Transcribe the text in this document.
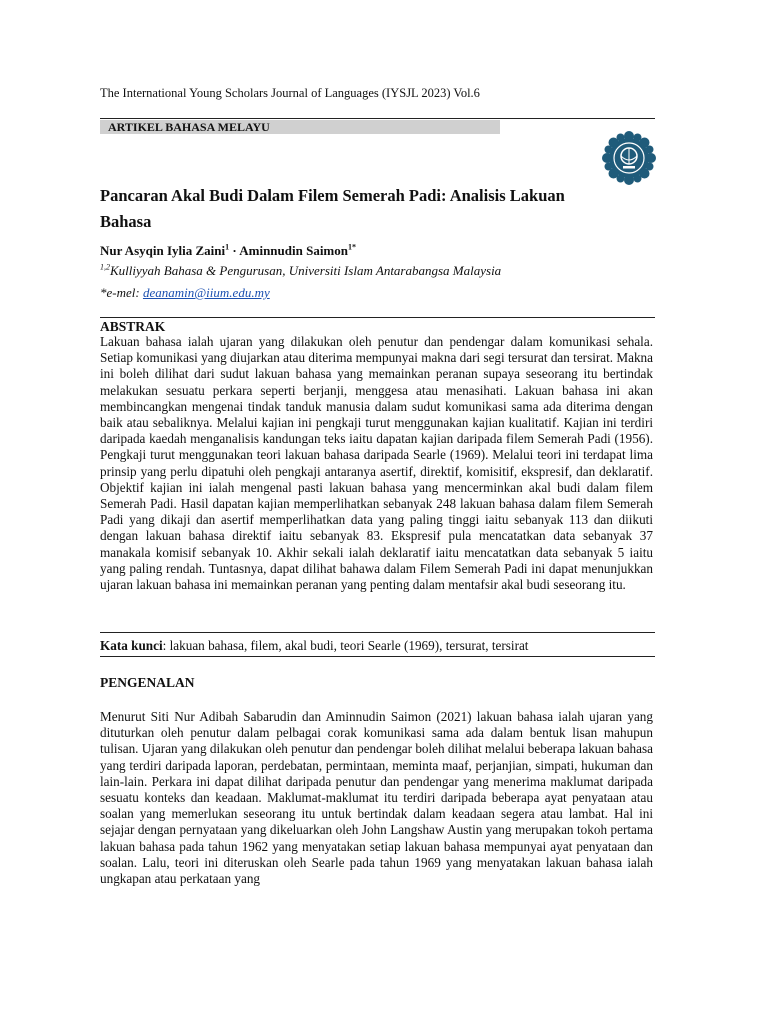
The International Young Scholars Journal of Languages (IYSJL 2023) Vol.6
ARTIKEL BAHASA MELAYU
Pancaran Akal Budi Dalam Filem Semerah Padi: Analisis Lakuan Bahasa
Nur Asyqin Iylia Zaini$^1$ · Aminnudin Saimon$^{1*}$
$^{1,2}$Kulliyyah Bahasa & Pengurusan, Universiti Islam Antarabangsa Malaysia
*e-mel: deanamin@iium.edu.my
ABSTRAK
Lakuan bahasa ialah ujaran yang dilakukan oleh penutur dan pendengar dalam komunikasi sehala. Setiap komunikasi yang diujarkan atau diterima mempunyai makna dari segi tersurat dan tersirat. Makna ini boleh dilihat dari sudut lakuan bahasa yang memainkan peranan supaya seseorang itu bertindak melakukan sesuatu perkara seperti berjanji, menggesa atau menasihati. Lakuan bahasa ini akan membincangkan mengenai tindak tanduk manusia dalam sudut komunikasi sama ada diterima dengan baik atau sebaliknya. Melalui kajian ini pengkaji turut menggunakan kajian kualitatif. Kajian ini terdiri daripada kaedah menganalisis kandungan teks iaitu dapatan kajian daripada filem Semerah Padi (1956). Pengkaji turut menggunakan teori lakuan bahasa daripada Searle (1969). Melalui teori ini terdapat lima prinsip yang perlu dipatuhi oleh pengkaji antaranya asertif, direktif, komisitif, ekspresif, dan deklaratif. Objektif kajian ini ialah mengenal pasti lakuan bahasa yang mencerminkan akal budi dalam filem Semerah Padi. Hasil dapatan kajian memperlihatkan sebanyak 248 lakuan bahasa dalam filem Semerah Padi yang dikaji dan asertif memperlihatkan data yang paling tinggi iaitu sebanyak 113 dan diikuti dengan lakuan bahasa direktif iaitu sebanyak 83. Ekspresif pula mencatatkan data sebanyak 37 manakala komisif sebanyak 10. Akhir sekali ialah deklaratif iaitu mencatatkan data sebanyak 5 iaitu yang paling rendah. Tuntasnya, dapat dilihat bahawa dalam Filem Semerah Padi ini dapat menunjukkan ujaran lakuan bahasa ini memainkan peranan yang penting dalam mentafsir akal budi seseorang itu.
Kata kunci: lakuan bahasa, filem, akal budi, teori Searle (1969), tersurat, tersirat
PENGENALAN
Menurut Siti Nur Adibah Sabarudin dan Aminnudin Saimon (2021) lakuan bahasa ialah ujaran yang dituturkan oleh penutur dalam pelbagai corak komunikasi sama ada dalam bentuk lisan mahupun tulisan. Ujaran yang dilakukan oleh penutur dan pendengar boleh dilihat melalui beberapa lakuan bahasa yang terdiri daripada laporan, perdebatan, permintaan, meminta maaf, perjanjian, simpati, hukuman dan lain-lain. Perkara ini dapat dilihat daripada penutur dan pendengar yang menerima maklumat daripada sesuatu konteks dan keadaan. Maklumat-maklumat itu terdiri daripada beberapa ayat penyataan atau soalan yang memerlukan seseorang itu untuk bertindak dalam keadaan segera atau lambat. Hal ini sejajar dengan pernyataan yang dikeluarkan oleh John Langshaw Austin yang merupakan tokoh pertama lakuan bahasa pada tahun 1962 yang menyatakan setiap lakuan bahasa mempunyai ayat penyataan dan soalan. Lalu, teori ini diteruskan oleh Searle pada tahun 1969 yang menyatakan lakuan bahasa ialah ungkapan atau perkataan yang
